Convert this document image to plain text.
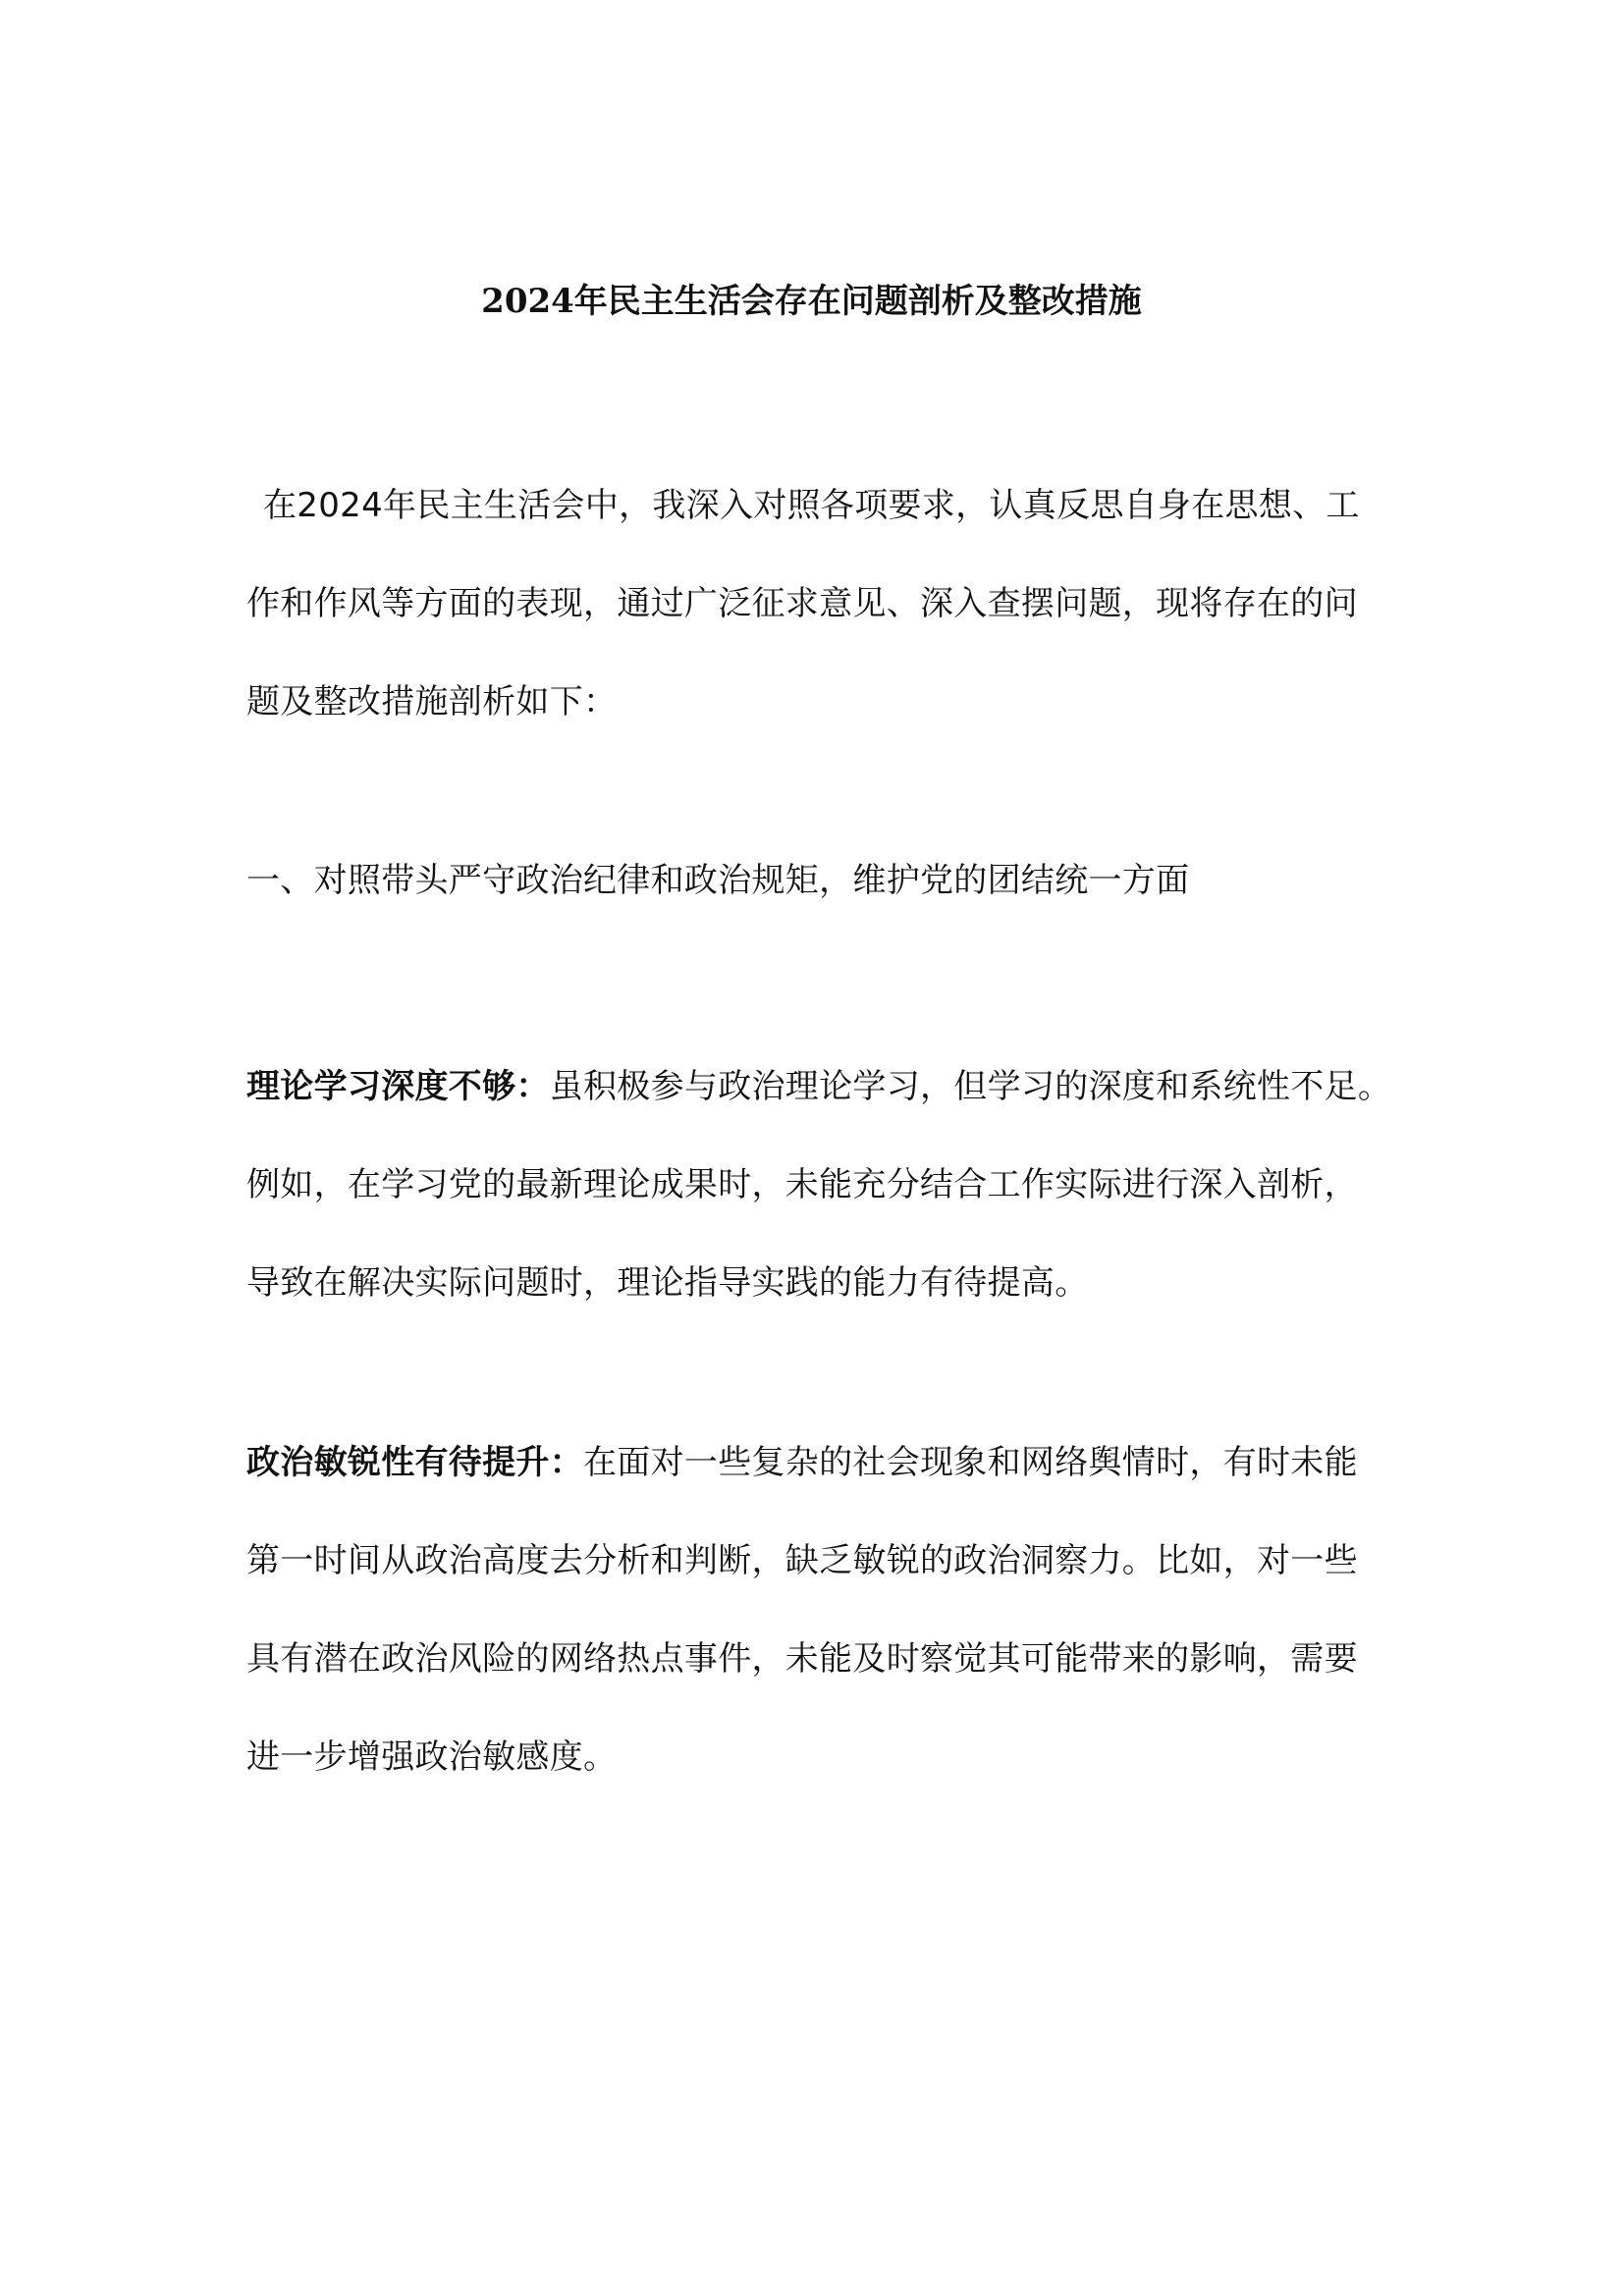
2024年民主生活会存在问题剖析及整改措施
在2024年民主生活会中，我深入对照各项要求，认真反思自身在思想、工
作和作风等方面的表现，通过广泛征求意见、深入查摆问题，现将存在的问
题及整改措施剖析如下：
一、对照带头严守政治纪律和政治规矩，维护党的团结统一方面
理论学习深度不够：虽积极参与政治理论学习，但学习的深度和系统性不足。
例如，在学习党的最新理论成果时，未能充分结合工作实际进行深入剖析，
导致在解决实际问题时，理论指导实践的能力有待提高。
政治敏锐性有待提升：在面对一些复杂的社会现象和网络舆情时，有时未能
第一时间从政治高度去分析和判断，缺乏敏锐的政治洞察力。比如，对一些
具有潜在政治风险的网络热点事件，未能及时察觉其可能带来的影响，需要
进一步增强政治敏感度。
